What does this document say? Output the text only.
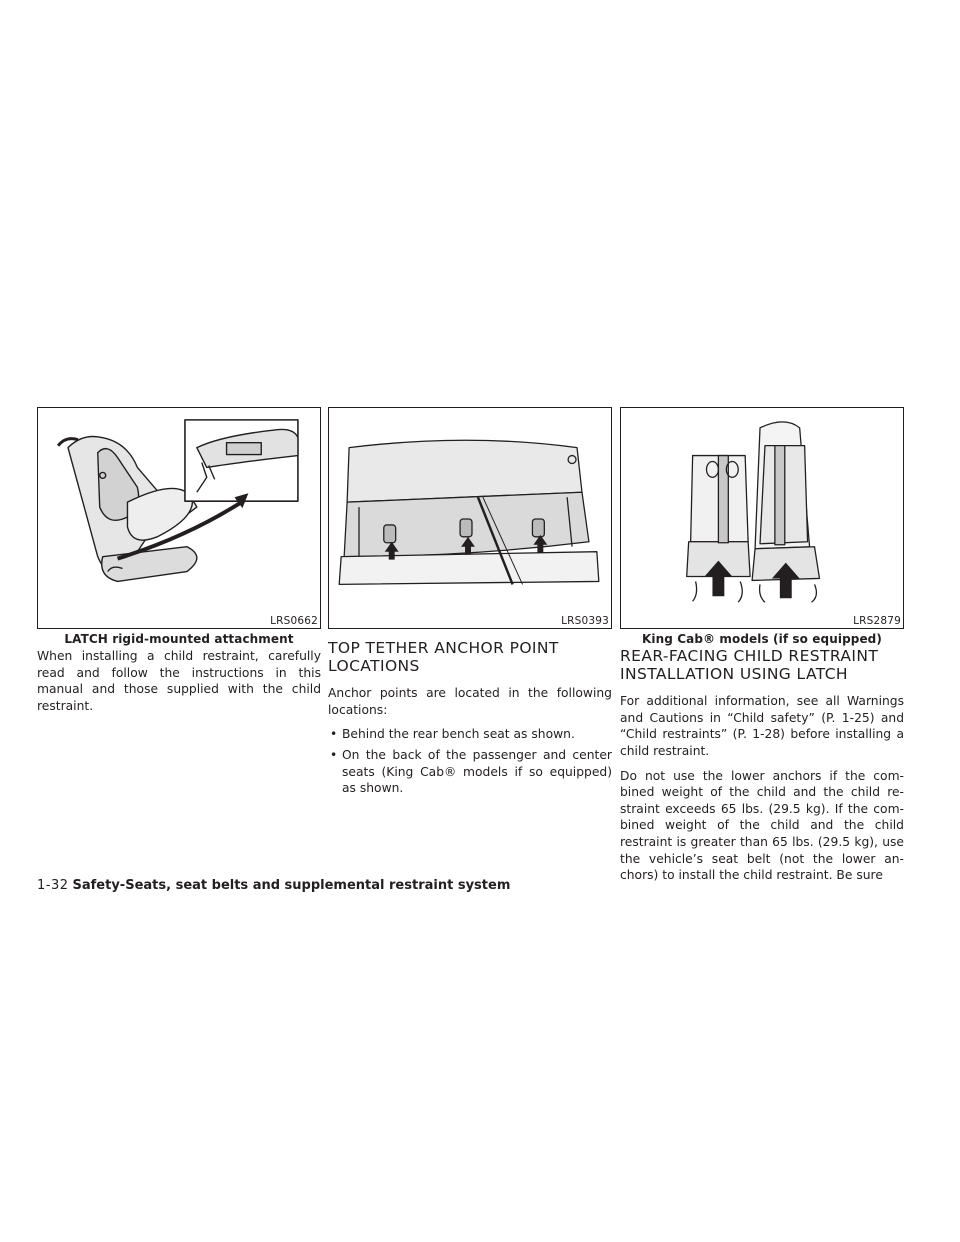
LRS0662
LATCH rigid-mounted attachment
LRS0393	LRS2879
King Cab® models (if so equipped)

When installing a child restraint, carefully read and follow the instructions in this manual and those supplied with the child restraint.

TOP TETHER ANCHOR POINT LOCATIONS

Anchor points are located in the following locations:

• Behind the rear bench seat as shown.
• On the back of the passenger and center seats (King Cab® models if so equipped) as shown.
REAR-FACING CHILD RESTRAINT INSTALLATION USING LATCH

For additional information, see all Warnings and Cautions in “Child safety” (P. 1-25) and “Child restraints” (P. 1-28) before installing a child restraint.

Do not use the lower anchors if the com-bined weight of the child and the child re-straint exceeds 65 lbs. (29.5 kg). If the com-bined weight of the child and the child restraint is greater than 65 lbs. (29.5 kg), use the vehicle’s seat belt (not the lower an-chors) to install the child restraint. Be sure

1-32 Safety-Seats, seat belts and supplemental restraint system
